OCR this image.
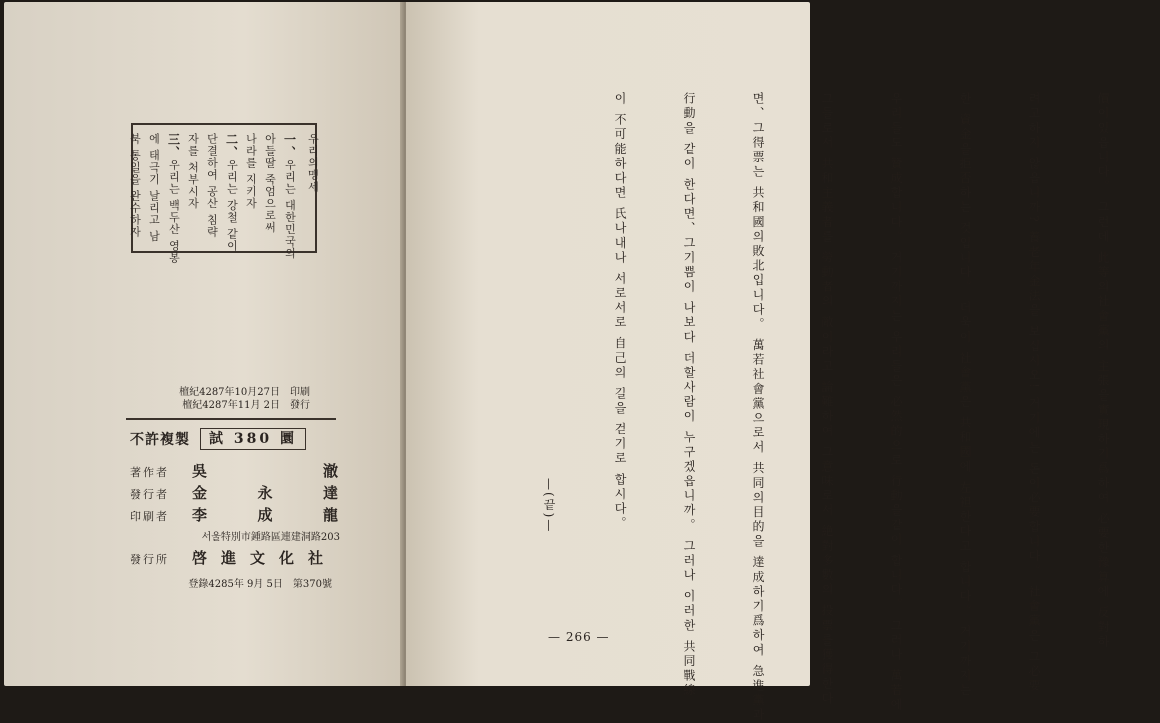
우리의맹세
一、우리는 대한민국의
아들딸 죽엄으로써
나라를 지키자
二、우리는 강철 같이
단결하여 공산 침략
자를 처부시자
三、우리는 백두산 영봉
에 태극기 날리고 남
북 통일을 완수하자
檀紀4287年10月27日　印刷
檀紀4287年11月 2日　發行
不許複製	試 380 圜
著作者	吳	澈
發行者	金	永	達
印刷者	李	成	龍
서울特別市鍾路區連建洞路203
發行所	啓進文化社
登錄4285年 9月 5日　第370號

	價이있읍니다。 그런데 此等의社會黨의 主張을實現하기爲하여 必要한豫算에 反對하

려고하지 않읍니까? 養老年金法을 보십시오! 거기에는 돈이必要합니다。 社會黨은 그必要

한 資金을拒否하는 것입니다。 더욱이 社會黨은 共和國에 左袒한다고 합니다。 거기까지는

우리들도 贊成합니다。 거기까지는 우리들은 必然的으로 行動을같이 합니다。 그러나 萬若에

그들로서 共和主義者를 勞動者의 敵이라고 論難하여 그意味로서 絶對多數의 投票를獲得한다

면、그得票는 共和國의敗北입니다。 萬若社會黨으로서 共同의目的을 達成하기爲하여 急進黨과

行動을 같이 한다면、그기쁨이 나보다 더할사람이 누구겠읍니까。 그러나 이러한 共同戰線

이 不可能하다면 氏나내나 서로서로 自己의 길을 걷기로 합시다。

—(끝)—
— 266 —
